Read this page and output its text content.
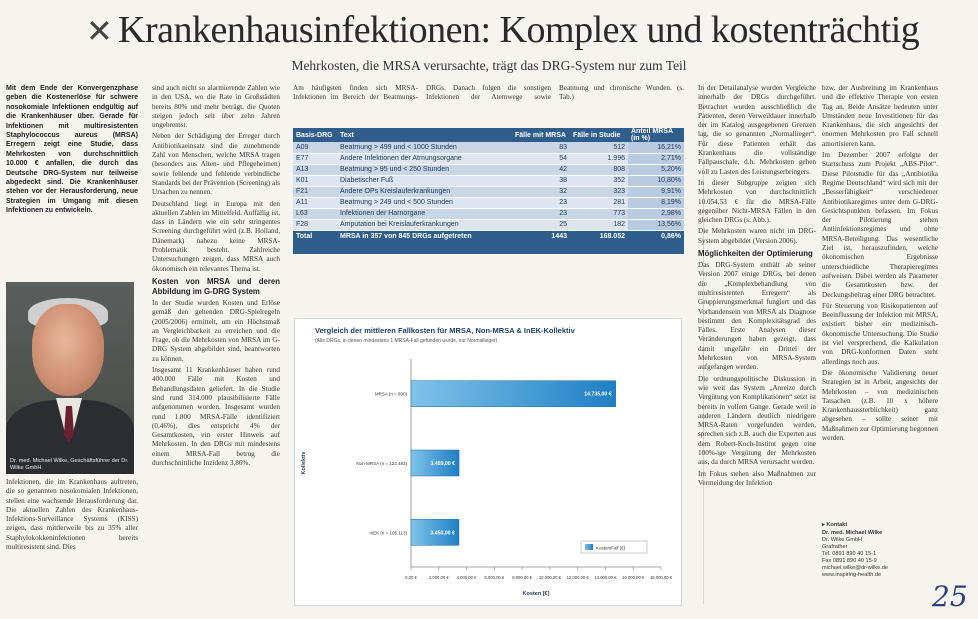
✕ Krankenhausinfektionen: Komplex und kostenträchtig
Mehrkosten, die MRSA verursachte, trägt das DRG-System nur zum Teil

Mit dem Ende der Konvergenzphase geben die Kostenerlöse für schwere nosokomiale Infektionen endgültig auf die Krankenhäuser über. Gerade für Infektionen mit multiresistenten Staphylococcus aureus (MRSA) Erregern zeigt eine Studie, dass Mehrkosten von durchschnittlich 10.000 € anfallen, die durch das Deutsche DRG-System nur teilweise abgedeckt sind. Die Krankenhäuser stehen vor der Herausforderung, neue Strategien im Umgang mit diesen Infektionen zu entwickeln.

Dr. med. Michael Wilke, Geschäftsführer der Dr. Wilke GmbH

Infektionen, die im Krankenhaus auftreten, die so genannten nosokomialen Infektionen, stellen eine wachsende Herausforderung dar. Die aktuellen Zahlen des Krankenhaus-Infektions-Surveillance Systems (KISS) zeigen, dass mittlerweile bis zu 35% aller Staphylokokkeninfektionen bereits multiresistent sind. Dies

sind auch nicht so alarmierende Zahlen wie in den USA, wo die Rate in Großstädten bereits 80% und mehr beträgt, die Quoten steigen jedoch seit über zehn Jahren ungebremst.

Neben der Schädigung der Erreger durch Antibiotikaeinsatz sind die zunehmende Zahl von Menschen, welche MRSA tragen (besonders aus Alten- und Pflegeheimen) sowie fehlende und fehlende verbindliche Standards bei der Prävention (Screening) als Ursachen zu nennen.

Deutschland liegt in Europa mit den aktuellen Zahlen im Mittelfeld. Auffällig ist, dass in Ländern wie ein sehr stringentes Screening durchgeführt wird (z.B. Holland, Dänemark) nahezu keine MRSA-Problematik besteht. Zahlreiche Untersuchungen zeigen, dass MRSA auch ökonomisch ein relevantes Thema ist.

Kosten von MRSA und deren Abbildung im G-DRG System

In der Studie wurden Kosten und Erlöse gemäß den geltenden DRG-Spielregeln (2005/2006) ermittelt, um ein Höchstmaß an Vergleichbarkeit zu erreichen und die Frage, ob die Mehrkosten von MRSA im G-DRG System abgebildet sind, beantworten zu können.

Insgesamt 11 Krankenhäuser haben rund 400.000 Fälle mit Kosten und Behandlungsdaten geliefert. In die Studie sind rund 314.000 plausibilisierte Fälle aufgenommen worden. Insgesamt wurden rund 1.800 MRSA-Fälle identifiziert (0,46%), dies entspricht 4% der Gesamtkosten, ein erster Hinweis auf Mehrkosten. In den DRGs mit mindestens einem MRSA-Fall betrug die durchschnittliche Inzidenz 3,86%.

Am häufigsten finden sich MRSA-Infektionen im Bereich der Beatmungs-DRGs. Danach folgen die sonstigen Infektionen der Atemwege sowie Beatmung und chronische Wunden. (s. Tab.)

Basis-DRG	Text	Fälle mit MRSA	Fälle in Studie	Anteil MRSA (in %)
A09	Beatmung > 499 und < 1000 Stunden	83	512	16,21%
E77	Andere Infektionen der Atmungsorgane	54	1.996	2,71%
A13	Beatmung > 95 und < 250 Stunden	42	808	5,20%
K01	Diabetischer Fuß	38	352	10,80%
F21	Andere OPs Kreislauferkrankungen	32	323	9,91%
A11	Beatmung > 249 und < 500 Stunden	23	281	8,19%
L63	Infektionen der Harnorgane	23	773	2,98%
F28	Amputation bei Kreislauferkrankungen	25	182	13,56%
Total	MRSA in 357 von 845 DRGs aufgetreten	1443	168.052	0,86%
Vergleich der mittleren Fallkosten für MRSA, Non-MRSA & InEK-Kollektiv
(Alle DRGs, in denen mindestens 1 MRSA-Fall gefunden wurde, nur Normallieger)
0,00 €	2.000,00 € 4.000,00 € 6.000,00 € 8.000,00 € 10.000,00 € 12.000,00 € 14.000,00 € 16.000,00 € 18.000,00 €
Kosten [€]
Kollektiv
MRSA (n = 890)	14.735,00 €
Non-MRSA (n = 122.483)	3.459,00 €
InEK (n = 105.113)	3.450,00 €
Kosten/Fall (€)

In der Detailanalyse wurden Vergleiche innerhalb der DRGs durchgeführt. Betrachtet wurden ausschließlich die Patienten, deren Verweildauer innerhalb der im Katalog ausgegebenen Grenzen lag, die so genannten „Normallieger“. Für diese Patienten erhält das Krankenhaus die vollständige Fallpauschale, d.h. Mehrkosten gehen voll zu Lasten des Leistungserbringers.

In dieser Subgruppe zeigten sich Mehrkosten von durchschnittlich 10.054,53 € für die MRSA-Fälle gegenüber Nicht-MRSA Fällen in den gleichen DRGs (s. Abb.).

Die Mehrkosten waren nicht im DRG-System abgebildet (Version 2006).

Möglichkeiten der Optimierung

Das DRG-System enthält ab seiner Version 2007 einige DRGs, bei denen die „Komplexbehandlung von multiresistenten Erregern“ als Gruppierungsmerkmal fungiert und das Vorhandensein von MRSA als Diagnose bestimmt den Komplexitätsgrad des Falles. Erste Analysen dieser Veränderungen haben gezeigt, dass damit ungefähr ein Drittel der Mehrkosten von MRSA-System aufgefangen werden.

Die ordnungspolitische Diskussion in wie weit das System „Anreize durch Vergütung von Komplikationen“ setzt ist bereits in vollem Gange. Gerade weil in anderen Ländern deutlich niedrigere MRSA-Raten vorgefunden werden, sprechen sich z.B. auch die Experten aus dem Robert-Koch-Institut gegen eine 100%-ige Vergütung der Mehrkosten aus, da durch MRSA verursacht werden.

Im Fokus stehen also Maßnahmen zur Vermeidung der Infektion

bzw. der Ausbreitung im Krankenhaus und die effektive Therapie von ersten Tag an. Beide Ansätze bedeuten unter Umständen neue Investitionen für das Krankenhaus, die sich angesichts der enormen Mehrkosten pro Fall schnell amortisieren kann.

Im Dezember 2007 erfolgte der Startschuss zum Projekt „ABS-Pilot“. Diese Pilotstudie für das „Antibiotika Regime Deutschland“ wird sich mit der „Besserfähigkeit“ verschiedener Antibiotikaregimes unter dem G-DRG-Gesichtspunkten befassen. Im Fokus der Pilotierung stehen Antiinfektionsregimes und ohne MRSA-Beteiligung. Das wesentliche Ziel ist, herauszufinden, welche ökonomischen Ergebnisse unterschiedliche Therapieregimes aufweisen. Dabei werden als Parameter die Gesamtkosten bzw. der Deckungsbeitrag einer DRG betrachtet.

Für Steuerung von Risikopatienten auf Beeinflussung der Infektion mit MRSA, existiert bisher ein medizinisch-ökonomische Untersuchung. Die Studie ist viel versprechend, die Kalkulation von DRG-konformen Daten steht allerdings noch aus.

Die ökonomische Validierung neuer Strategien ist in Arbeit, angesichts der Mehrkosten – von medizinischen Tatsachen (z.B. 10 x höhere Krankenhaussterblichkeit) ganz abgesehen – sollte seiner mit Maßnahmen zur Optimierung begonnen werden.

▸ Kontakt
Dr. med. Michael Wilke
Dr. Wilke GmbH
Grafrather
Tel. 0891 890 40 15-1
Fax 0891 890 40 15-9
michael.wilke@dr-wilke.de
www.inspiring-health.de
25
